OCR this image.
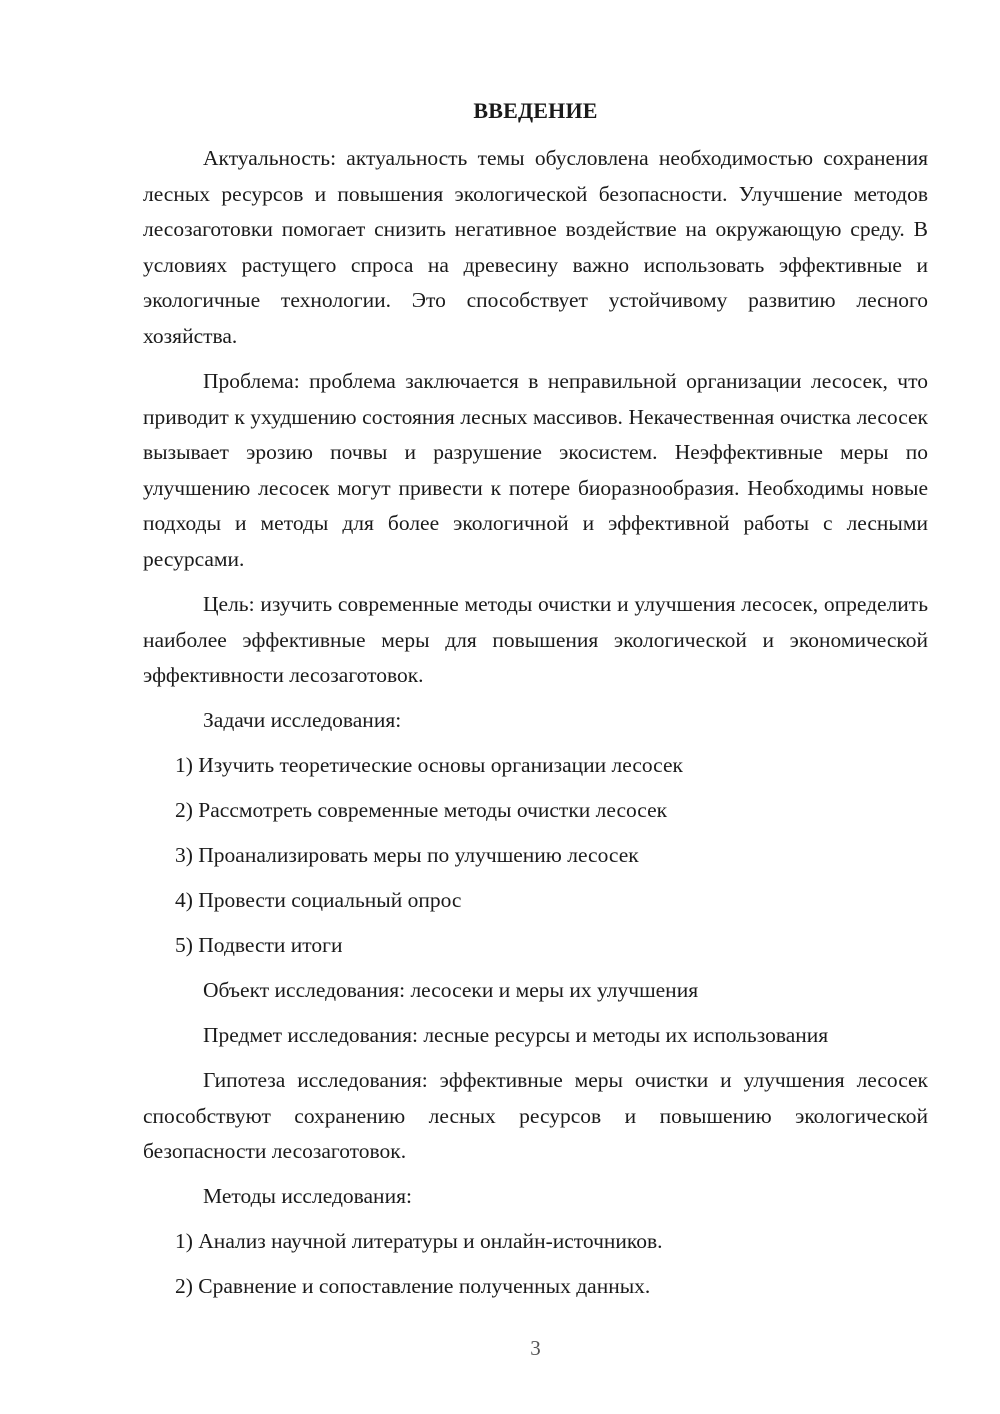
ВВЕДЕНИЕ

Актуальность: актуальность темы обусловлена необходимостью сохранения лесных ресурсов и повышения экологической безопасности. Улучшение методов лесозаготовки помогает снизить негативное воздействие на окружающую среду. В условиях растущего спроса на древесину важно использовать эффективные и экологичные технологии. Это способствует устойчивому развитию лесного хозяйства.

Проблема: проблема заключается в неправильной организации лесосек, что приводит к ухудшению состояния лесных массивов. Некачественная очистка лесосек вызывает эрозию почвы и разрушение экосистем. Неэффективные меры по улучшению лесосек могут привести к потере биоразнообразия. Необходимы новые подходы и методы для более экологичной и эффективной работы с лесными ресурсами.

Цель: изучить современные методы очистки и улучшения лесосек, определить наиболее эффективные меры для повышения экологической и экономической эффективности лесозаготовок.

Задачи исследования:

1) Изучить теоретические основы организации лесосек

2) Рассмотреть современные методы очистки лесосек

3) Проанализировать меры по улучшению лесосек

4) Провести социальный опрос

5) Подвести итоги

Объект исследования: лесосеки и меры их улучшения

Предмет исследования: лесные ресурсы и методы их использования

Гипотеза исследования: эффективные меры очистки и улучшения лесосек способствуют сохранению лесных ресурсов и повышению экологической безопасности лесозаготовок.

Методы исследования:

1) Анализ научной литературы и онлайн-источников.

2) Сравнение и сопоставление полученных данных.

3
